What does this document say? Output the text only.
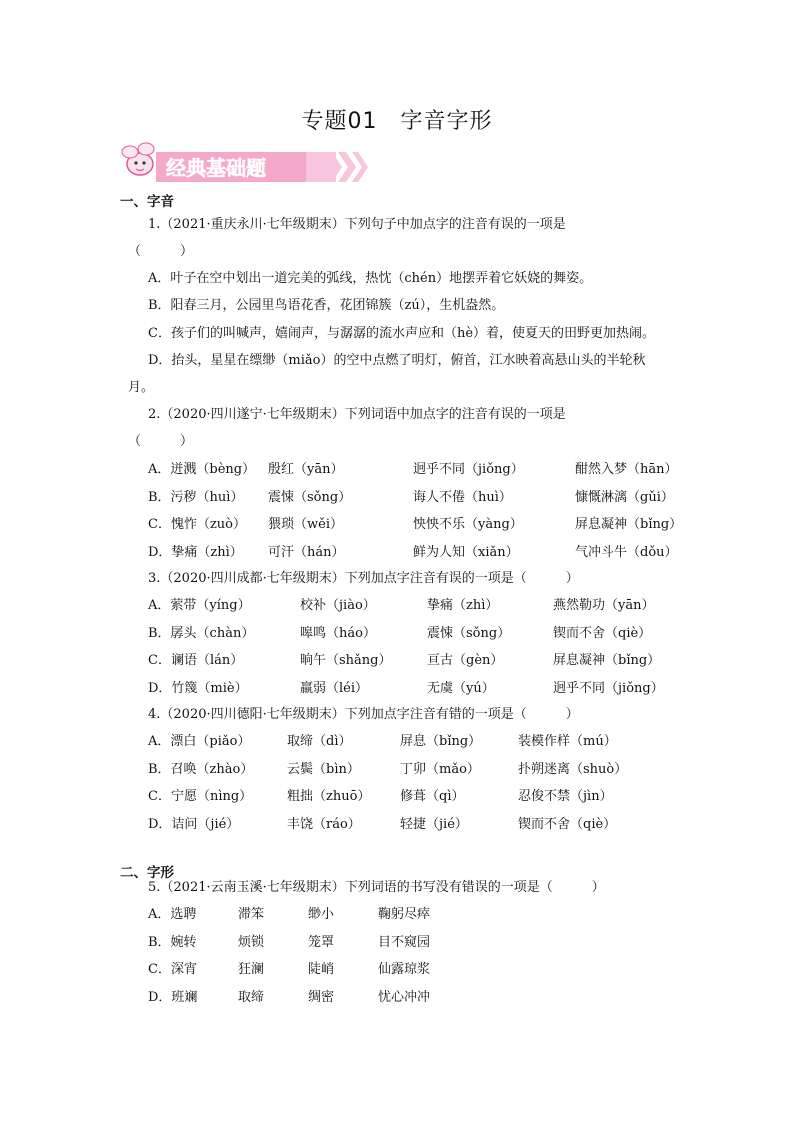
专题01　字音字形
经典基础题
一、字音
1.（2021·重庆永川·七年级期末）下列句子中加点字的注音有误的一项是
（　　　）
A．叶子在空中划出一道完美的弧线，热忱（chén）地摆弄着它妖娆的舞姿。
B．阳春三月，公园里鸟语花香，花团锦簇（zú），生机盎然。
C．孩子们的叫喊声，嬉闹声，与潺潺的流水声应和（hè）着，使夏天的田野更加热闹。
D．抬头，星星在缥缈（miǎo）的空中点燃了明灯，俯首，江水映着高悬山头的半轮秋
月。
2.（2020·四川遂宁·七年级期末）下列词语中加点字的注音有误的一项是
（　　　）
A．迸溅（bèng） 殷红（yān）	迥乎不同（jiǒng）	酣然入梦（hān）
B．污秽（huì） 震悚（sǒng）	诲人不倦（huì）	慷慨淋漓（gǔi）
C．愧怍（zuò） 猥琐（wěi）	怏怏不乐（yàng）	屏息凝神（bǐng）
D．挚痛（zhì） 可汗（hán）	鲜为人知（xiǎn）	气冲斗牛（dǒu）
3.（2020·四川成都·七年级期末）下列加点字注音有误的一项是（　　　）
A．萦带（yíng）	校补（jiào）	挚痛（zhì）	燕然勒功（yān）
B．孱头（chàn）	嗥鸣（háo）	震悚（sǒng）	锲而不舍（qiè）
C．谰语（lán）	晌午（shǎng）	亘古（gèn）	屏息凝神（bǐng）
D．竹篾（miè）	羸弱（léi）	无虞（yú）	迥乎不同（jiǒng）
4.（2020·四川德阳·七年级期末）下列加点字注音有错的一项是（　　　）
A．漂白（piǎo）	取缔（dì）	屏息（bǐng）	装模作样（mú）
B．召唤（zhào）	云鬓（bìn）	丁卯（mǎo）	扑朔迷离（shuò）
C．宁愿（nìng）	粗拙（zhuō） 修葺（qì）	忍俊不禁（jìn）
D．诘问（jié）	丰饶（ráo）	轻捷（jié）	锲而不舍（qiè）
二、字形
5.（2021·云南玉溪·七年级期末）下列词语的书写没有错误的一项是（　　　）
A．选聘	滞笨	缈小	鞠躬尽瘁
B．婉转	烦锁	笼罩	目不窥园
C．深宵	狂澜	陡峭	仙露琼浆
D．班斓	取缔	绸密	忧心冲冲
